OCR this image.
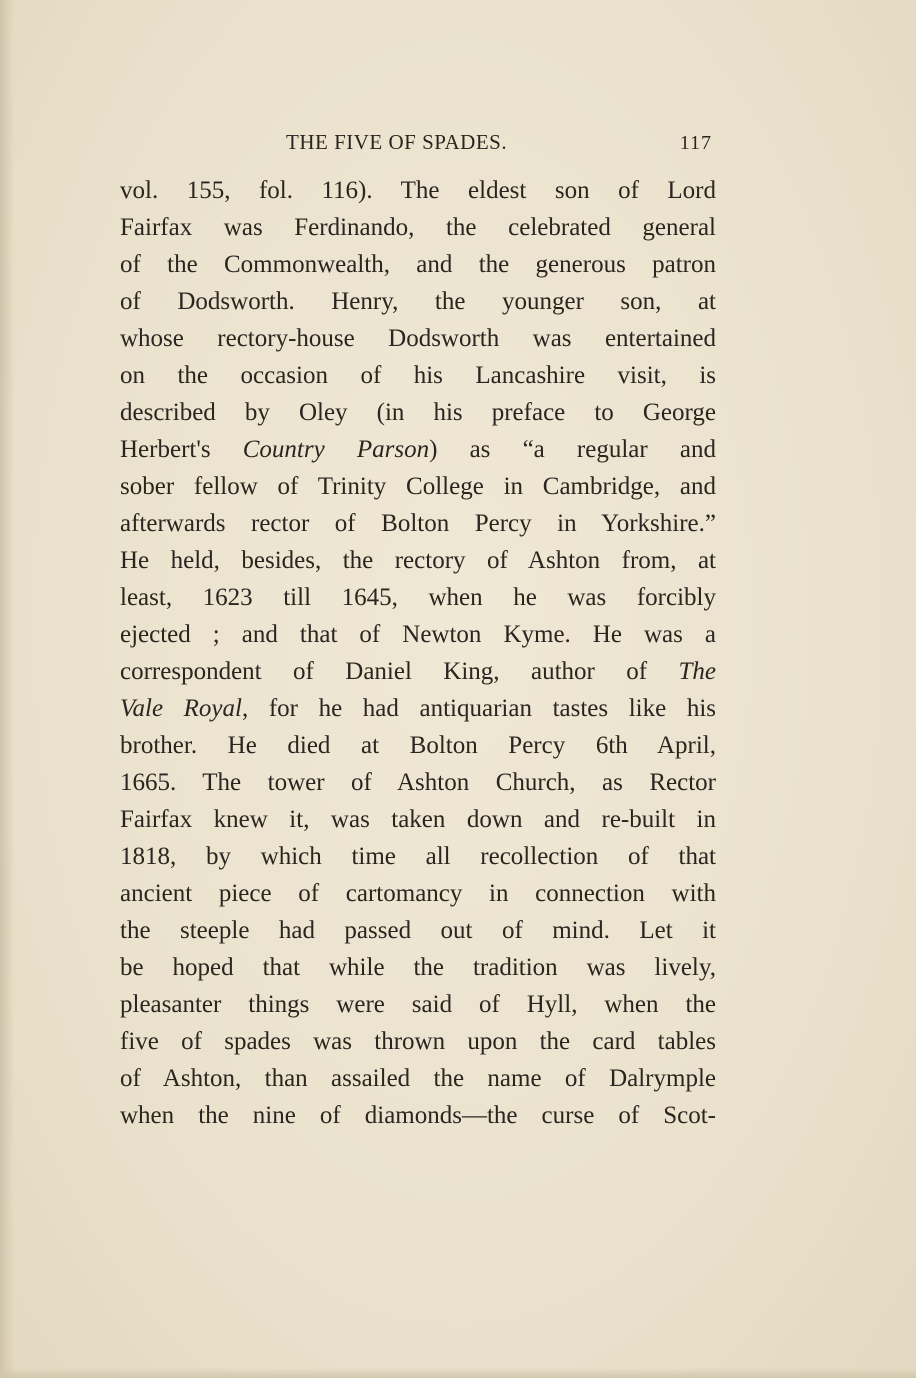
THE FIVE OF SPADES.	117
vol. 155, fol. 116). The eldest son of Lord
Fairfax was Ferdinando, the celebrated general
of the Commonwealth, and the generous patron
of Dodsworth. Henry, the younger son, at
whose rectory-house Dodsworth was entertained
on the occasion of his Lancashire visit, is
described by Oley (in his preface to George
Herbert's Country Parson) as “a regular and
sober fellow of Trinity College in Cambridge, and
afterwards rector of Bolton Percy in Yorkshire.”
He held, besides, the rectory of Ashton from, at
least, 1623 till 1645, when he was forcibly
ejected ; and that of Newton Kyme. He was a
correspondent of Daniel King, author of The
Vale Royal, for he had antiquarian tastes like his
brother. He died at Bolton Percy 6th April,
1665. The tower of Ashton Church, as Rector
Fairfax knew it, was taken down and re-built in
1818, by which time all recollection of that
ancient piece of cartomancy in connection with
the steeple had passed out of mind. Let it
be hoped that while the tradition was lively,
pleasanter things were said of Hyll, when the
five of spades was thrown upon the card tables
of Ashton, than assailed the name of Dalrymple
when the nine of diamonds—the curse of Scot-
